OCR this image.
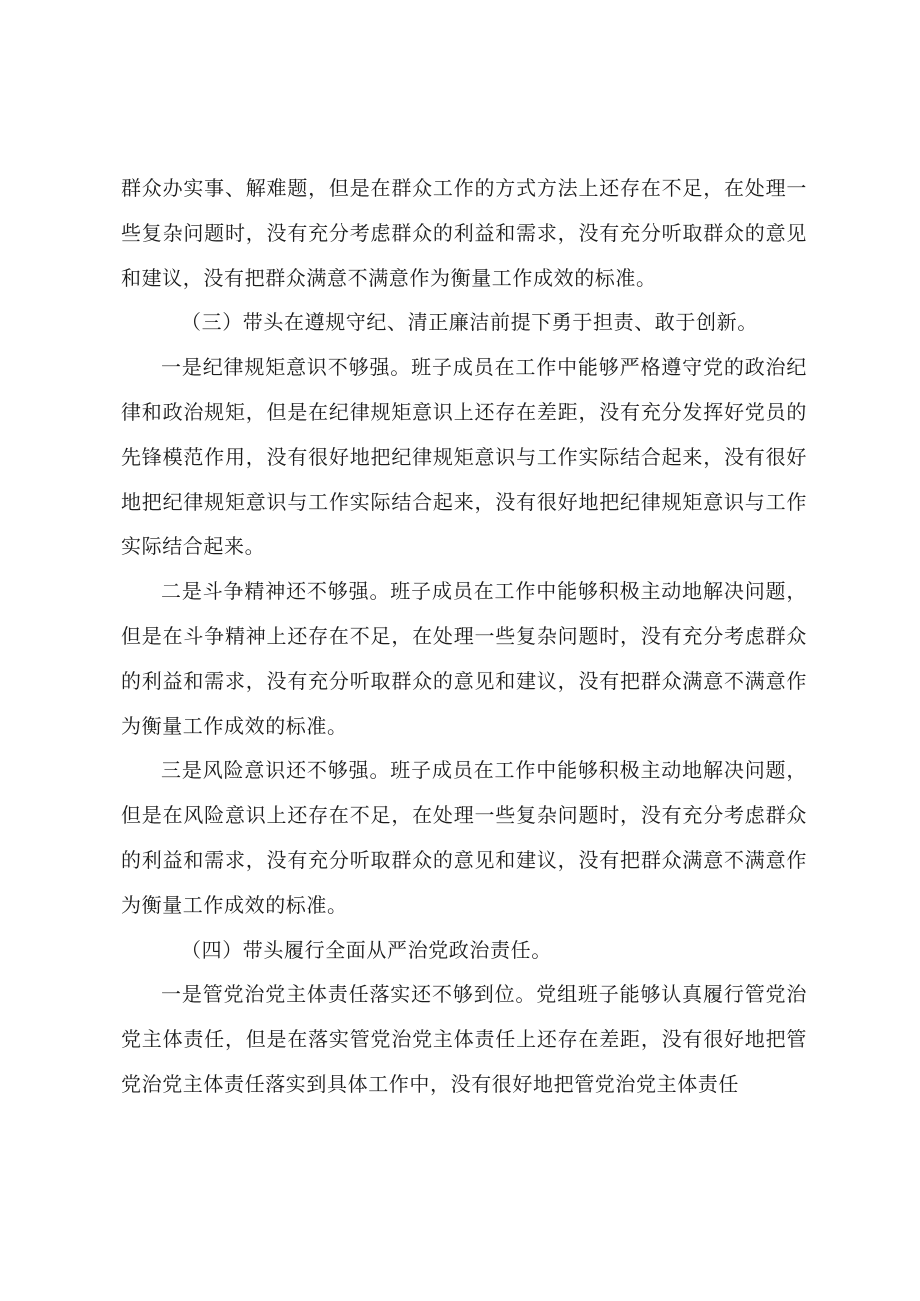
群众办实事、解难题，但是在群众工作的方式方法上还存在不足，在处理一些复杂问题时，没有充分考虑群众的利益和需求，没有充分听取群众的意见和建议，没有把群众满意不满意作为衡量工作成效的标准。

（三）带头在遵规守纪、清正廉洁前提下勇于担责、敢于创新。

一是纪律规矩意识不够强。班子成员在工作中能够严格遵守党的政治纪律和政治规矩，但是在纪律规矩意识上还存在差距，没有充分发挥好党员的先锋模范作用，没有很好地把纪律规矩意识与工作实际结合起来，没有很好地把纪律规矩意识与工作实际结合起来，没有很好地把纪律规矩意识与工作实际结合起来。

二是斗争精神还不够强。班子成员在工作中能够积极主动地解决问题，但是在斗争精神上还存在不足，在处理一些复杂问题时，没有充分考虑群众的利益和需求，没有充分听取群众的意见和建议，没有把群众满意不满意作为衡量工作成效的标准。

三是风险意识还不够强。班子成员在工作中能够积极主动地解决问题，但是在风险意识上还存在不足，在处理一些复杂问题时，没有充分考虑群众的利益和需求，没有充分听取群众的意见和建议，没有把群众满意不满意作为衡量工作成效的标准。

（四）带头履行全面从严治党政治责任。

一是管党治党主体责任落实还不够到位。党组班子能够认真履行管党治党主体责任，但是在落实管党治党主体责任上还存在差距，没有很好地把管党治党主体责任落实到具体工作中，没有很好地把管党治党主体责任
